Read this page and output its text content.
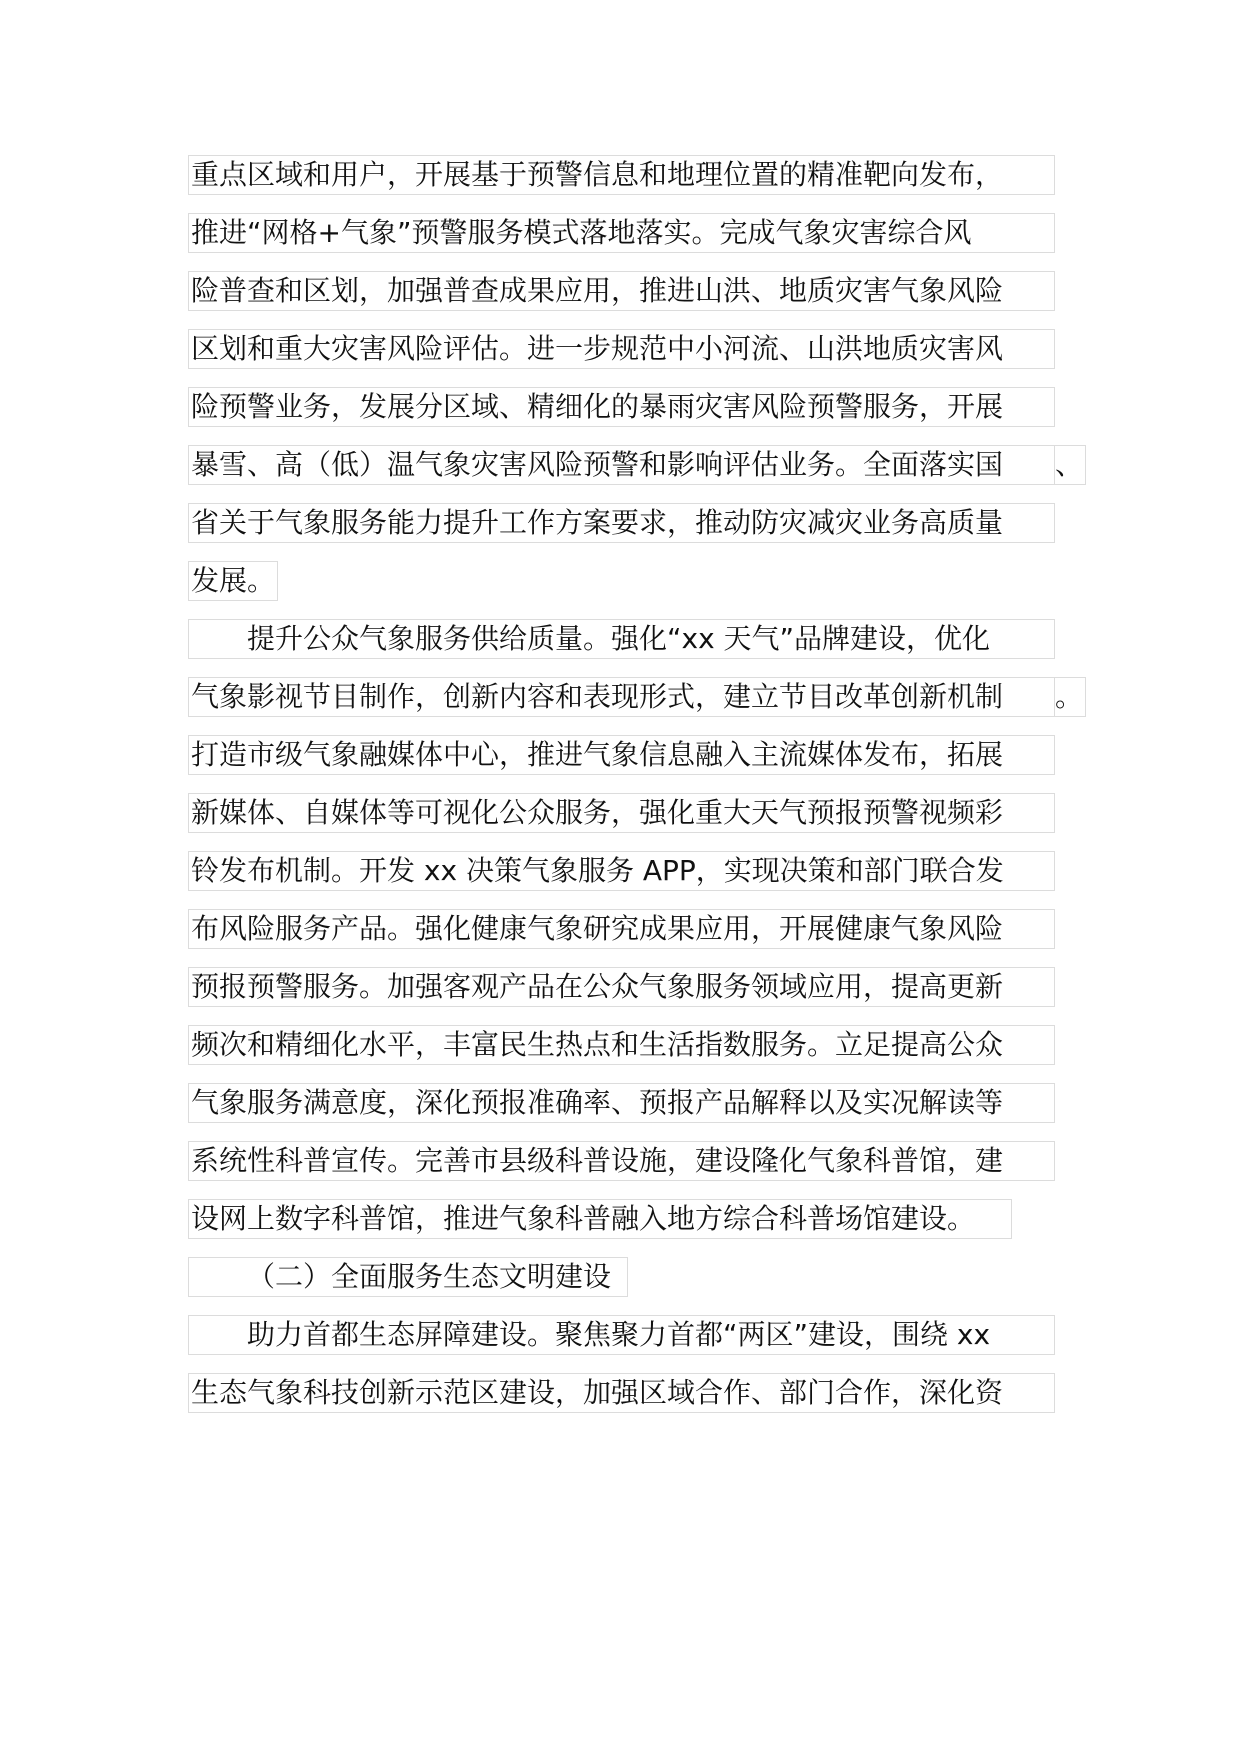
重点区域和用户，开展基于预警信息和地理位置的精准靶向发布，
推进“网格+气象”预警服务模式落地落实。完成气象灾害综合风
险普查和区划，加强普查成果应用，推进山洪、地质灾害气象风险
区划和重大灾害风险评估。进一步规范中小河流、山洪地质灾害风
险预警业务，发展分区域、精细化的暴雨灾害风险预警服务，开展
暴雪、高（低）温气象灾害风险预警和影响评估业务。全面落实国	、
省关于气象服务能力提升工作方案要求，推动防灾减灾业务高质量
发展。
提升公众气象服务供给质量。强化“xx 天气”品牌建设，优化
气象影视节目制作，创新内容和表现形式，建立节目改革创新机制	。
打造市级气象融媒体中心，推进气象信息融入主流媒体发布，拓展
新媒体、自媒体等可视化公众服务，强化重大天气预报预警视频彩
铃发布机制。开发 xx 决策气象服务 APP，实现决策和部门联合发
布风险服务产品。强化健康气象研究成果应用，开展健康气象风险
预报预警服务。加强客观产品在公众气象服务领域应用，提高更新
频次和精细化水平，丰富民生热点和生活指数服务。立足提高公众
气象服务满意度，深化预报准确率、预报产品解释以及实况解读等
系统性科普宣传。完善市县级科普设施，建设隆化气象科普馆，建
设网上数字科普馆，推进气象科普融入地方综合科普场馆建设。
（二）全面服务生态文明建设
助力首都生态屏障建设。聚焦聚力首都“两区”建设，围绕 xx
生态气象科技创新示范区建设，加强区域合作、部门合作，深化资
